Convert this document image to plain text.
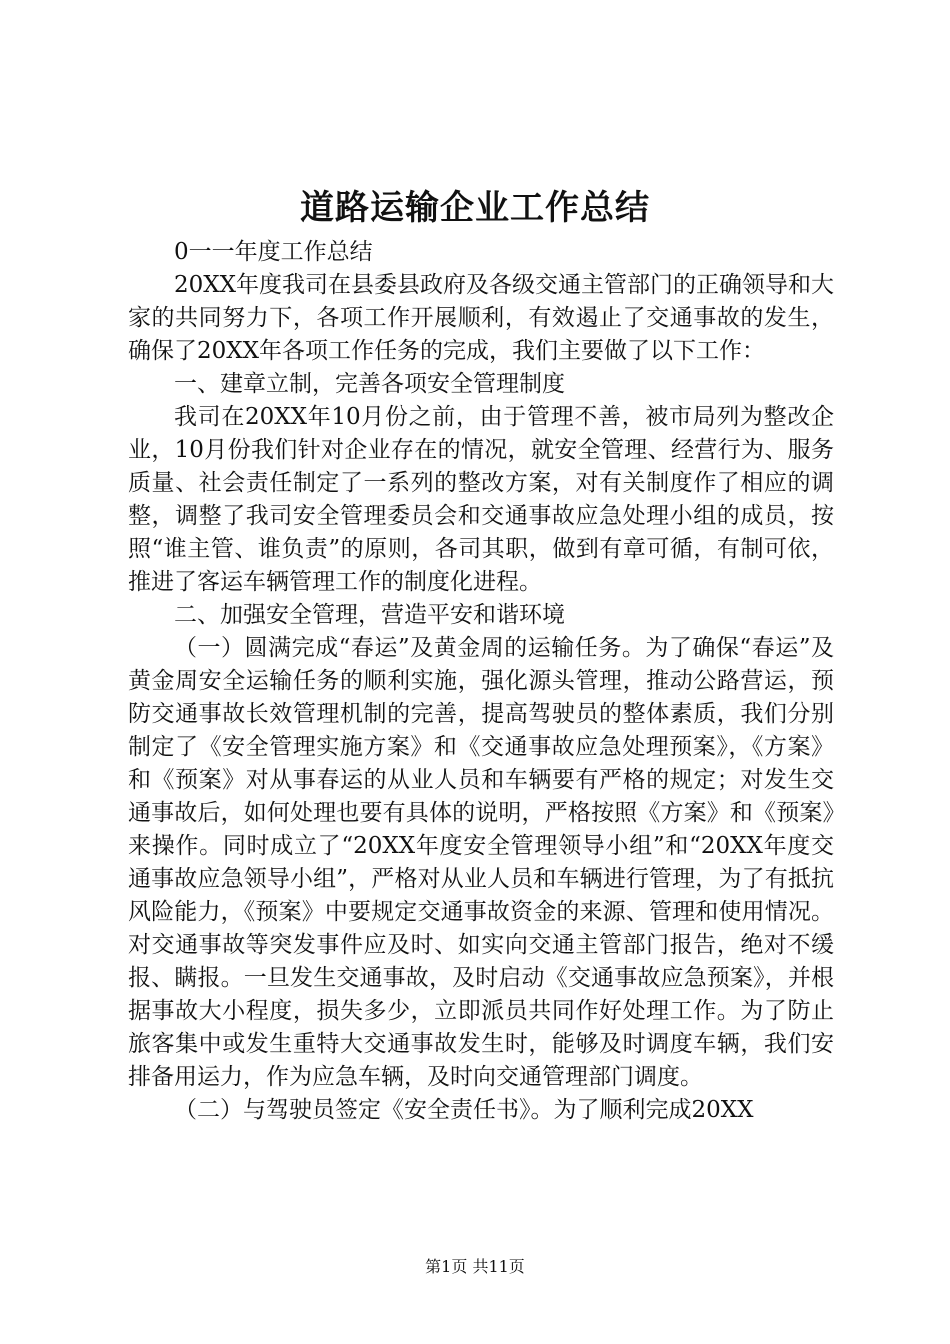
道路运输企业工作总结

0一一年度工作总结

20XX年度我司在县委县政府及各级交通主管部门的正确领导和大家的共同努力下，各项工作开展顺利，有效遏止了交通事故的发生，确保了20XX年各项工作任务的完成，我们主要做了以下工作：

一、建章立制，完善各项安全管理制度

我司在20XX年10月份之前，由于管理不善，被市局列为整改企业，10月份我们针对企业存在的情况，就安全管理、经营行为、服务质量、社会责任制定了一系列的整改方案，对有关制度作了相应的调整，调整了我司安全管理委员会和交通事故应急处理小组的成员，按照“谁主管、谁负责”的原则，各司其职，做到有章可循，有制可依，推进了客运车辆管理工作的制度化进程。

二、加强安全管理，营造平安和谐环境

（一）圆满完成“春运”及黄金周的运输任务。为了确保“春运”及黄金周安全运输任务的顺利实施，强化源头管理，推动公路营运，预防交通事故长效管理机制的完善，提高驾驶员的整体素质，我们分别制定了《安全管理实施方案》和《交通事故应急处理预案》，《方案》和《预案》对从事春运的从业人员和车辆要有严格的规定；对发生交通事故后，如何处理也要有具体的说明，严格按照《方案》和《预案》来操作。同时成立了“20XX年度安全管理领导小组”和“20XX年度交通事故应急领导小组”，严格对从业人员和车辆进行管理，为了有抵抗风险能力，《预案》中要规定交通事故资金的来源、管理和使用情况。对交通事故等突发事件应及时、如实向交通主管部门报告，绝对不缓报、瞒报。一旦发生交通事故，及时启动《交通事故应急预案》，并根据事故大小程度，损失多少，立即派员共同作好处理工作。为了防止旅客集中或发生重特大交通事故发生时，能够及时调度车辆，我们安排备用运力，作为应急车辆，及时向交通管理部门调度。

（二）与驾驶员签定《安全责任书》。为了顺利完成20XX

第1页 共11页
